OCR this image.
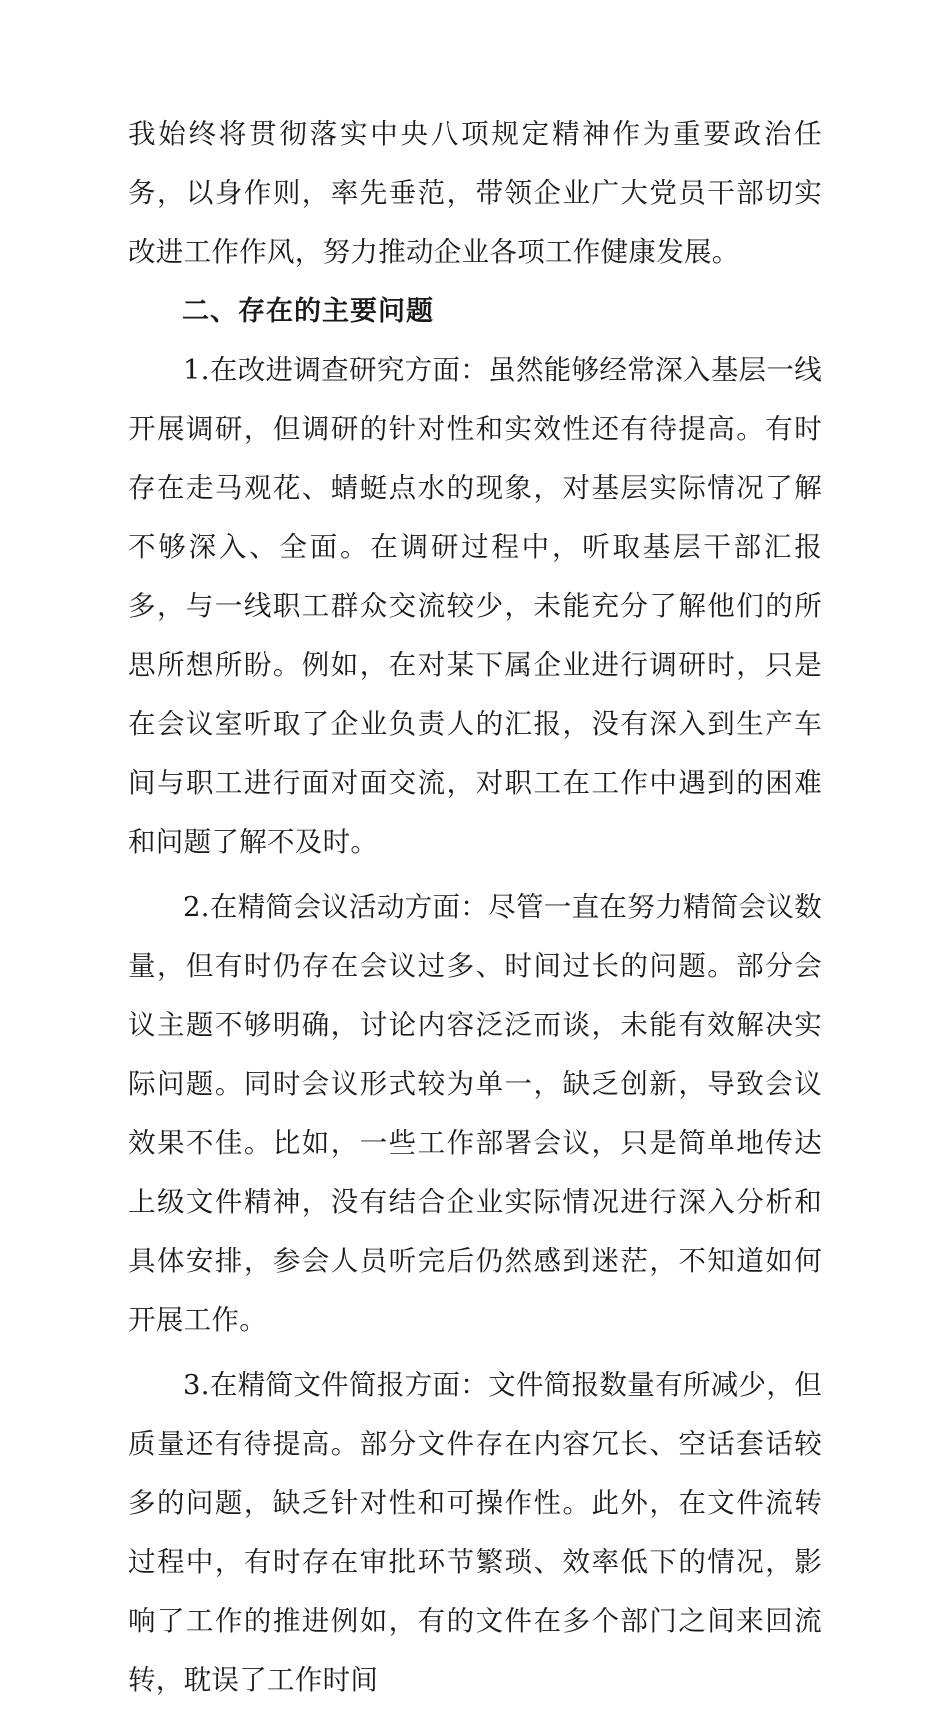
我始终将贯彻落实中央八项规定精神作为重要政治任务，以身作则，率先垂范，带领企业广大党员干部切实改进工作作风，努力推动企业各项工作健康发展。

二、存在的主要问题

1.在改进调查研究方面：虽然能够经常深入基层一线开展调研，但调研的针对性和实效性还有待提高。有时存在走马观花、蜻蜓点水的现象，对基层实际情况了解不够深入、全面。在调研过程中，听取基层干部汇报多，与一线职工群众交流较少，未能充分了解他们的所思所想所盼。例如，在对某下属企业进行调研时，只是在会议室听取了企业负责人的汇报，没有深入到生产车间与职工进行面对面交流，对职工在工作中遇到的困难和问题了解不及时。

2.在精简会议活动方面：尽管一直在努力精简会议数量，但有时仍存在会议过多、时间过长的问题。部分会议主题不够明确，讨论内容泛泛而谈，未能有效解决实际问题。同时会议形式较为单一，缺乏创新，导致会议效果不佳。比如，一些工作部署会议，只是简单地传达上级文件精神，没有结合企业实际情况进行深入分析和具体安排，参会人员听完后仍然感到迷茫，不知道如何开展工作。

3.在精简文件简报方面：文件简报数量有所减少，但质量还有待提高。部分文件存在内容冗长、空话套话较多的问题，缺乏针对性和可操作性。此外，在文件流转过程中，有时存在审批环节繁琐、效率低下的情况，影响了工作的推进例如，有的文件在多个部门之间来回流转，耽误了工作时间
